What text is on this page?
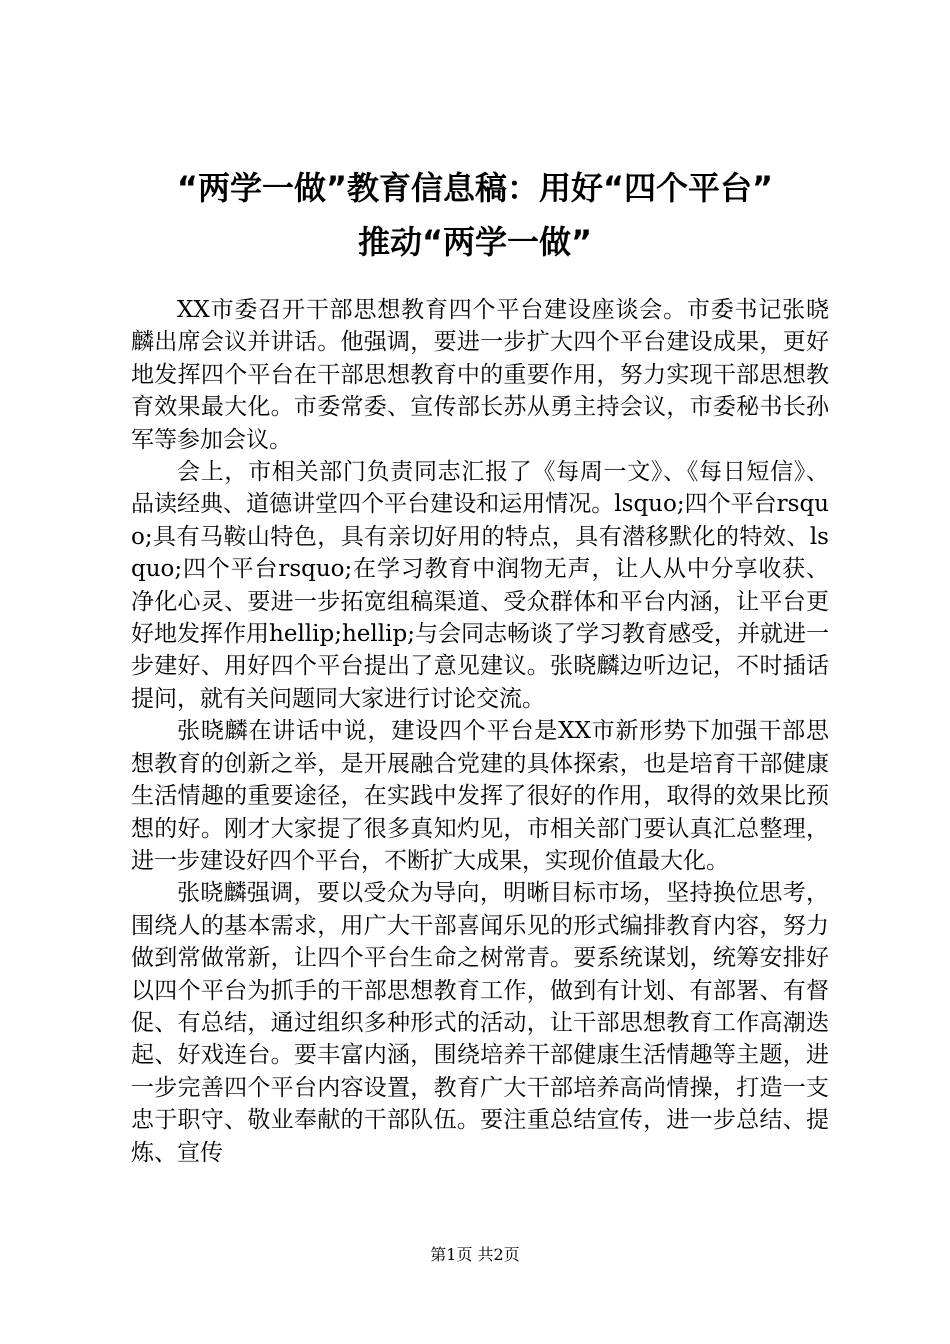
“两学一做”教育信息稿：用好“四个平台”
推动“两学一做”

XX市委召开干部思想教育四个平台建设座谈会。市委书记张晓麟出席会议并讲话。他强调，要进一步扩大四个平台建设成果，更好地发挥四个平台在干部思想教育中的重要作用，努力实现干部思想教育效果最大化。市委常委、宣传部长苏从勇主持会议，市委秘书长孙军等参加会议。

会上，市相关部门负责同志汇报了《每周一文》、《每日短信》、品读经典、道德讲堂四个平台建设和运用情况。lsquo;四个平台rsquo;具有马鞍山特色，具有亲切好用的特点，具有潜移默化的特效、lsquo;四个平台rsquo;在学习教育中润物无声，让人从中分享收获、净化心灵、要进一步拓宽组稿渠道、受众群体和平台内涵，让平台更好地发挥作用hellip;hellip;与会同志畅谈了学习教育感受，并就进一步建好、用好四个平台提出了意见建议。张晓麟边听边记，不时插话提问，就有关问题同大家进行讨论交流。

张晓麟在讲话中说，建设四个平台是XX市新形势下加强干部思想教育的创新之举，是开展融合党建的具体探索，也是培育干部健康生活情趣的重要途径，在实践中发挥了很好的作用，取得的效果比预想的好。刚才大家提了很多真知灼见，市相关部门要认真汇总整理，进一步建设好四个平台，不断扩大成果，实现价值最大化。

张晓麟强调，要以受众为导向，明晰目标市场，坚持换位思考，围绕人的基本需求，用广大干部喜闻乐见的形式编排教育内容，努力做到常做常新，让四个平台生命之树常青。要系统谋划，统筹安排好以四个平台为抓手的干部思想教育工作，做到有计划、有部署、有督促、有总结，通过组织多种形式的活动，让干部思想教育工作高潮迭起、好戏连台。要丰富内涵，围绕培养干部健康生活情趣等主题，进一步完善四个平台内容设置，教育广大干部培养高尚情操，打造一支忠于职守、敬业奉献的干部队伍。要注重总结宣传，进一步总结、提炼、宣传

第1页 共2页
